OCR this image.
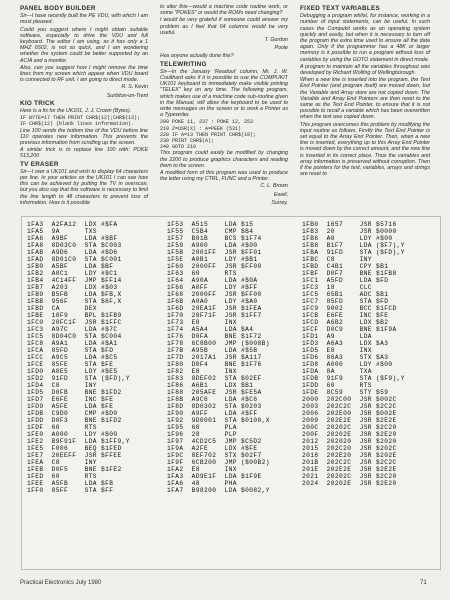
PANEL BODY BUILDER

Sir—I have recently built the PE VDU, with which I am most pleased.

Could you suggest where I might obtain suitable software, especially to drive the VDU and full keyboard. The editor I am using, as it has only a 1 MHZ 6502, is not so quick, and I am wondering whether the system could be better supported by an ACIA and a monitor.

Also, can you suggest how I might remove the time lines from my screen which appear when VDU board is connected to RF unit. I am going to direct mode.

R. S. Kevin
Surbiton-on-Trent
KIO TRICK

Here is a fix for the UK101, J. J. Crown (Bytes).

IF BYTE=17 THEN PRINT CHR$(12);CHR$(13);
IF CHR$(12) (blank lines information).

Line 100 sends the bottom line of the VDU before line 110 operates new information. This prevents the previous information from scrolling up the screen.

A similar trick is to replace line 100 with: POKE 513,200

TV ERASER

Sir—I own a UK101 and wish to display 64 characters per line. In your articles on the UK101 I can see how this can be achieved by putting the TV in overscan, but you also say that this software is necessary to limit the line length to 48 characters to prevent loss of information. How is it possible

to alter this—would a machine code routine work, or some "POKES" or would the ROMs need changing?

I would be very grateful if someone could answer my problem as I feel that 64 columns would be very useful.

T. Gordon
Poole

Has anyone actually done this?

TELEWRITING

Sir—In the January 'Readout' column, Mr. J. W. Coulthard asks if it is possible to use the COMPUKIT UK101 keyboard to immediately make visible printing "TELEX" key on any time. The following program, which makes use of a machine code sub-routine given in the Manual, will allow the keyboard to be used to write messages on the screen or to work a Printer as a Typewriter.

200 POKE 11, 237 : POKE 12, 253
210 Z=USR(X) : A=PEEK (531)
220 IF A=13 THEN PRINT CHR$(10);
230 PRINT CHR$(A);
240 GOTO 210

This program could easily be modified by changing the 2200 to produce graphics characters and reading them to the screen.

A modified form of this program was used to produce the letter using my CTRL, FUNC and a Printer.

C. L. Brown
Ewell,
Surrey.
FIXED TEXT VARIABLES

Debugging a program whilst, for instance, working in a number of input statements, can be useful. In such cases the Compukit works as an operating system quickly and easily, but when it is necessary to turn off the program the extra time used to ensure all the data again. Only if the programmer has a 48K or larger memory is it possible to run a program without loss of variables by using the GOTO statement in direct mode.

A program to maintain all the variables throughout was developed by Richard Wolfing of Wellingborough.

When a new line is inserted into the program, the Text End Pointer (and program itself) are moved down, but the Variable and Array store are not copied down. The Variable and Array End Pointers are then reset to the same as the Text End Pointer, to ensure that it is not possible to recall a variable which has been overwritten when the text was copied down.

This program overcomes this problem by modifying the input routine as follows. Firstly the Text End Pointer is set equal to the Array End Pointer. Then, when a new line is inserted, everything up to this Array End Pointer is moved down by the correct amount, and the new line is inserted in its correct place. Thus the variables and array information is preserved without corruption. Then if the pointers for the text, variables, arrays and strings are reset to

1FA3  A2FA12  LDX #$FA
1FA5  9A      TXS
1FA6  A9BF    LDA #$BF
1FA8  8D03C0  STA $C003
1FAB  A9D6    LDA #$D6
1FAD  8D01C0  STA $C001
1FB0  A5BF    LDA $BF
1FB2  A0C1    LDY #$C1
1FB4  4C14FF  JMP $FF14
1FB7  A203    LDX #$03
1FB9  B5FB    LDA $FB,X
1FBB  956F    STA $6F,X
1FBD  CA      DEX
1FBE  10F9    BPL $1FB9
1FC0  20FC1F  JSR $1FFC
1FC3  A97C    LDA #$7C
1FC5  8D04C0  STA $C004
1FC8  A9A1    LDA #$A1
1FCA  85FD    STA $FD
1FCC  A9C5    LDA #$C5
1FCE  85FE    STA $FE
1FD0  A0E5    LDY #$E5
1FD2  91FD    STA ($FD),Y
1FD4  C8      INY
1FD5  D0FB    BNE $1FD2
1FD7  E6FE    INC $FE
1FD9  A5FE    LDA $FE
1FDB  C9D0    CMP #$D0
1FDD  D0F3    BNE $1FD2
1FDF  60      RTS
1FE0  A000    LDY #$00
1FE2  B9F91F  LDA $1FF9,Y
1FE5  F006    BEQ $1FED
1FE7  20EEFF  JSR $FFEE
1FEA  C8      INY
1FEB  D0F5    BNE $1FE2
1FED  60      RTS
1FEE  A5FB    LDA $FB
1FF0  85FF    STA $FF
1F53  A515    LDA $15
1F55  C5B4    CMP $B4
1F57  B01B    BCS $1F74
1F59  A900    LDA #$00
1F5B  2001FF  JSR $FF01
1F5E  A0B1    LDY #$B1
1F60  2000FF  JSR $FF00
1F63  60      RTS
1F64  A90A    LDA #$0A
1F66  A0FF    LDY #$FF
1F68  2000FF  JSR $FF00
1F6B  A0A0    LDY #$A0
1F6D  20EA1F  JSR $1FEA
1F70  20F71F  JSR $1FF7
1F73  E8      INX
1F74  A5A4    LDA $A4
1F76  D0FA    BNE $1F72
1F78  6C8B00  JMP ($008B)
1F7B  A95B    LDA #$5B
1F7D  2017A1  JSR $A117
1F80  D0F4    BNE $1F76
1F82  E8      INX
1F83  8DEF02  STA $02EF
1F86  A6B1    LDX $B1
1F88  205AFE  JSR $FE5A
1F8B  A9C6    LDA #$C6
1F8D  8D0302  STA $0203
1F90  A9FF    LDA #$FF
1F92  9D0001  STA $0100,X
1F95  68      PLA
1F96  28      PLP
1F97  4CD2C5  JMP $C5D2
1F9A  A2FE    LDX #$FE
1F9C  8EF702  STX $02F7
1F9F  6CB200  JMP ($00B2)
1FA2  E8      INX
1FA3  AD9E1F  LDA $1F9E
1FA6  48      PHA
1FA7  B98200  LDA $0082,Y
1FB0  1657    JSR $5716
1FB3  20      JSR $0000
1FB6  A0      LDY #$00
1FB8  B1F7    LDA ($F7),Y
1FBA  91FD    STA ($FD),Y
1FBC  C8      INY
1FBD  C4B1    CPY $B1
1FBF  D0F7    BNE $1FB8
1FC1  A5FD    LDA $FD
1FC3  18      CLC
1FC5  65B1    ADC $B1
1FC7  85FD    STA $FD
1FC9  9002    BCC $1FCD
1FCB  E6FE    INC $FE
1FCD  A6B2    LDX $B2
1FCF  D0C9    BNE $1F9A
1FD1  A9      LDA
1FD3  A6A3    LDX $A3
1FD5  E8      INX
1FD6  86A3    STX $A3
1FD8  A000    LDY #$00
1FDA  8A      TXA
1FDB  91F9    STA ($F9),Y
1FDD  60      RTS
1FDE  8C59    STY $59
2000  202C00  JSR $002C
2003  202C2C  JSR $2C2C
2006  202E00  JSR $002E
2009  202E2E  JSR $2E2E
200C  20202C  JSR $2C20
200F  20202E  JSR $2E20
2012  202020  JSR $2020
2015  202C20  JSR $202C
2018  202E20  JSR $202E
201B  202C2C  JSR $2C2C
201E  202E2E  JSR $2E2E
2021  20202C  JSR $2C20
2024  20202E  JSR $2E20
Practical Electronics July 1980	71
